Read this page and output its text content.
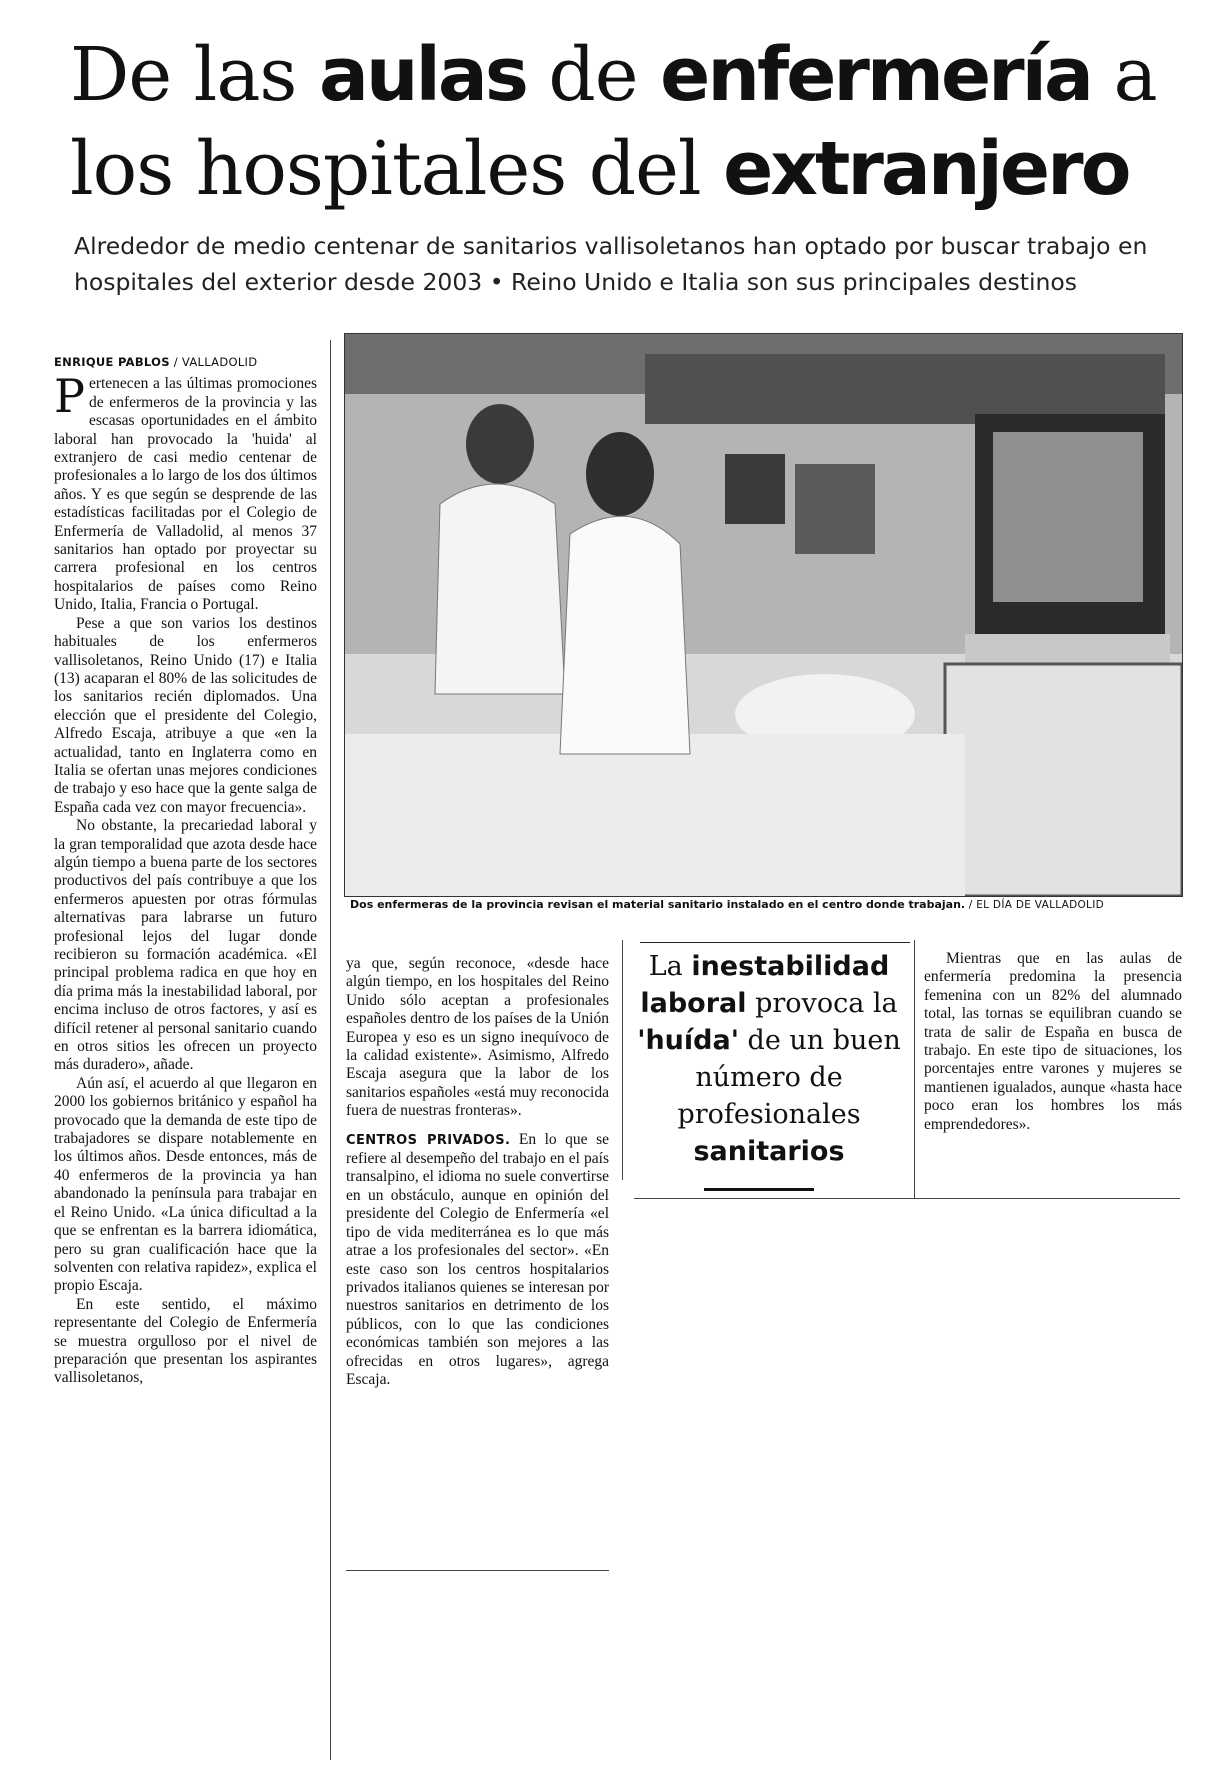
De las aulas de enfermería a los hospitales del extranjero

Alrededor de medio centenar de sanitarios vallisoletanos han optado por buscar trabajo en hospitales del exterior desde 2003 • Reino Unido e Italia son sus principales destinos

ENRIQUE PABLOS / VALLADOLID

Pertenecen a las últimas promociones de enfermeros de la provincia y las escasas oportunidades en el ámbito laboral han provocado la 'huida' al extranjero de casi medio centenar de profesionales a lo largo de los dos últimos años. Y es que según se desprende de las estadísticas facilitadas por el Colegio de Enfermería de Valladolid, al menos 37 sanitarios han optado por proyectar su carrera profesional en los centros hospitalarios de países como Reino Unido, Italia, Francia o Portugal.

Pese a que son varios los destinos habituales de los enfermeros vallisoletanos, Reino Unido (17) e Italia (13) acaparan el 80% de las solicitudes de los sanitarios recién diplomados. Una elección que el presidente del Colegio, Alfredo Escaja, atribuye a que «en la actualidad, tanto en Inglaterra como en Italia se ofertan unas mejores condiciones de trabajo y eso hace que la gente salga de España cada vez con mayor frecuencia».

No obstante, la precariedad laboral y la gran temporalidad que azota desde hace algún tiempo a buena parte de los sectores productivos del país contribuye a que los enfermeros apuesten por otras fórmulas alternativas para labrarse un futuro profesional lejos del lugar donde recibieron su formación académica. «El principal problema radica en que hoy en día prima más la inestabilidad laboral, por encima incluso de otros factores, y así es difícil retener al personal sanitario cuando en otros sitios les ofrecen un proyecto más duradero», añade.

Aún así, el acuerdo al que llegaron en 2000 los gobiernos británico y español ha provocado que la demanda de este tipo de trabajadores se dispare notablemente en los últimos años. Desde entonces, más de 40 enfermeros de la provincia ya han abandonado la península para trabajar en el Reino Unido. «La única dificultad a la que se enfrentan es la barrera idiomática, pero su gran cualificación hace que la solventen con relativa rapidez», explica el propio Escaja.

En este sentido, el máximo representante del Colegio de Enfermería se muestra orgulloso por el nivel de preparación que presentan los aspirantes vallisoletanos,

Dos enfermeras de la provincia revisan el material sanitario instalado en el centro donde trabajan. / EL DÍA DE VALLADOLID

ya que, según reconoce, «desde hace algún tiempo, en los hospitales del Reino Unido sólo aceptan a profesionales españoles dentro de los países de la Unión Europea y eso es un signo inequívoco de la calidad existente». Asimismo, Alfredo Escaja asegura que la labor de los sanitarios españoles «está muy reconocida fuera de nuestras fronteras».

CENTROS PRIVADOS. En lo que se refiere al desempeño del trabajo en el país transalpino, el idioma no suele convertirse en un obstáculo, aunque en opinión del presidente del Colegio de Enfermería «el tipo de vida mediterránea es lo que más atrae a los profesionales del sector». «En este caso son los centros hospitalarios privados italianos quienes se interesan por nuestros sanitarios en detrimento de los públicos, con lo que las condiciones económicas también son mejores a las ofrecidas en otros lugares», agrega Escaja.

La inestabilidad laboral provoca la 'huída' de un buen número de profesionales sanitarios

Mientras que en las aulas de enfermería predomina la presencia femenina con un 82% del alumnado total, las tornas se equilibran cuando se trata de salir de España en busca de trabajo. En este tipo de situaciones, los porcentajes entre varones y mujeres se mantienen igualados, aunque «hasta hace poco eran los hombres los más emprendedores».
